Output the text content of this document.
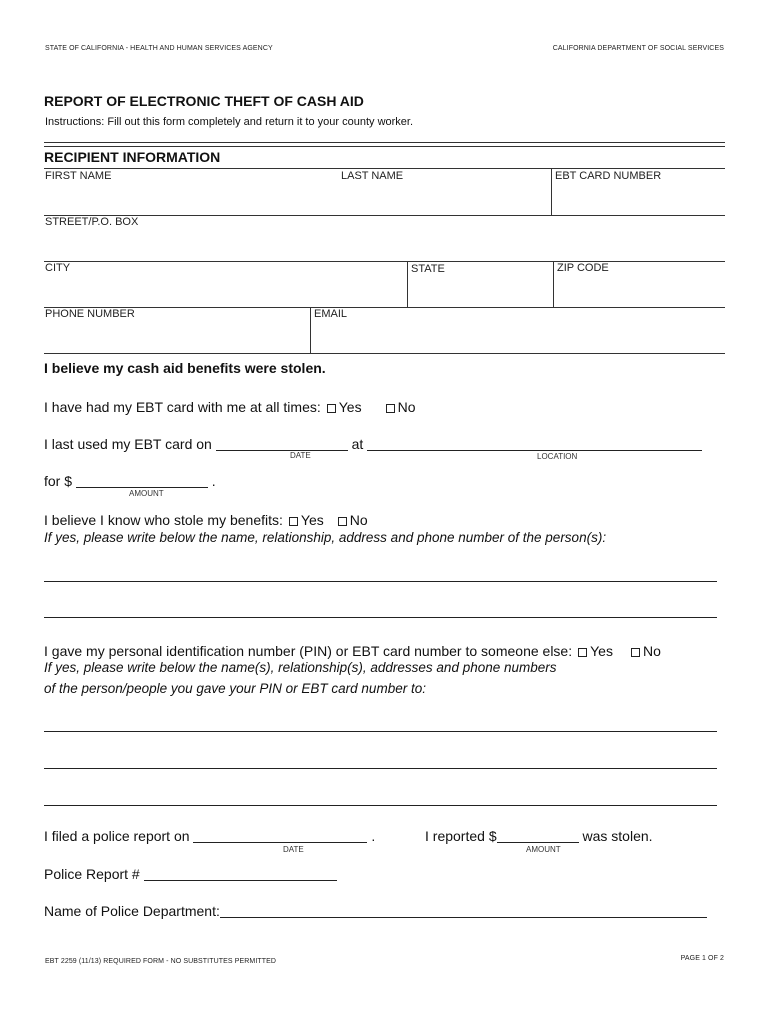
STATE OF CALIFORNIA - HEALTH AND HUMAN SERVICES AGENCY	CALIFORNIA DEPARTMENT OF SOCIAL SERVICES
REPORT OF ELECTRONIC THEFT OF CASH AID
Instructions: Fill out this form completely and return it to your county worker.
RECIPIENT INFORMATION
FIRST NAME	LAST NAME	EBT CARD NUMBER
STREET/P.O. BOX
CITY	STATE	ZIP CODE
PHONE NUMBER	EMAIL
I believe my cash aid benefits were stolen.
I have had my EBT card with me at all times: Yes	No
I last used my EBT card on	at
DATE	LOCATION
for $	.
AMOUNT
I believe I know who stole my benefits: Yes No
If yes, please write below the name, relationship, address and phone number of the person(s):
I gave my personal identification number (PIN) or EBT card number to someone else: Yes No
If yes, please write below the name(s), relationship(s), addresses and phone numbers
of the person/people you gave your PIN or EBT card number to:
I filed a police report on	.
DATE
I reported $	was stolen.
AMOUNT
Police Report #
Name of Police Department:
EBT 2259 (11/13) REQUIRED FORM - NO SUBSTITUTES PERMITTED	PAGE 1 OF 2
